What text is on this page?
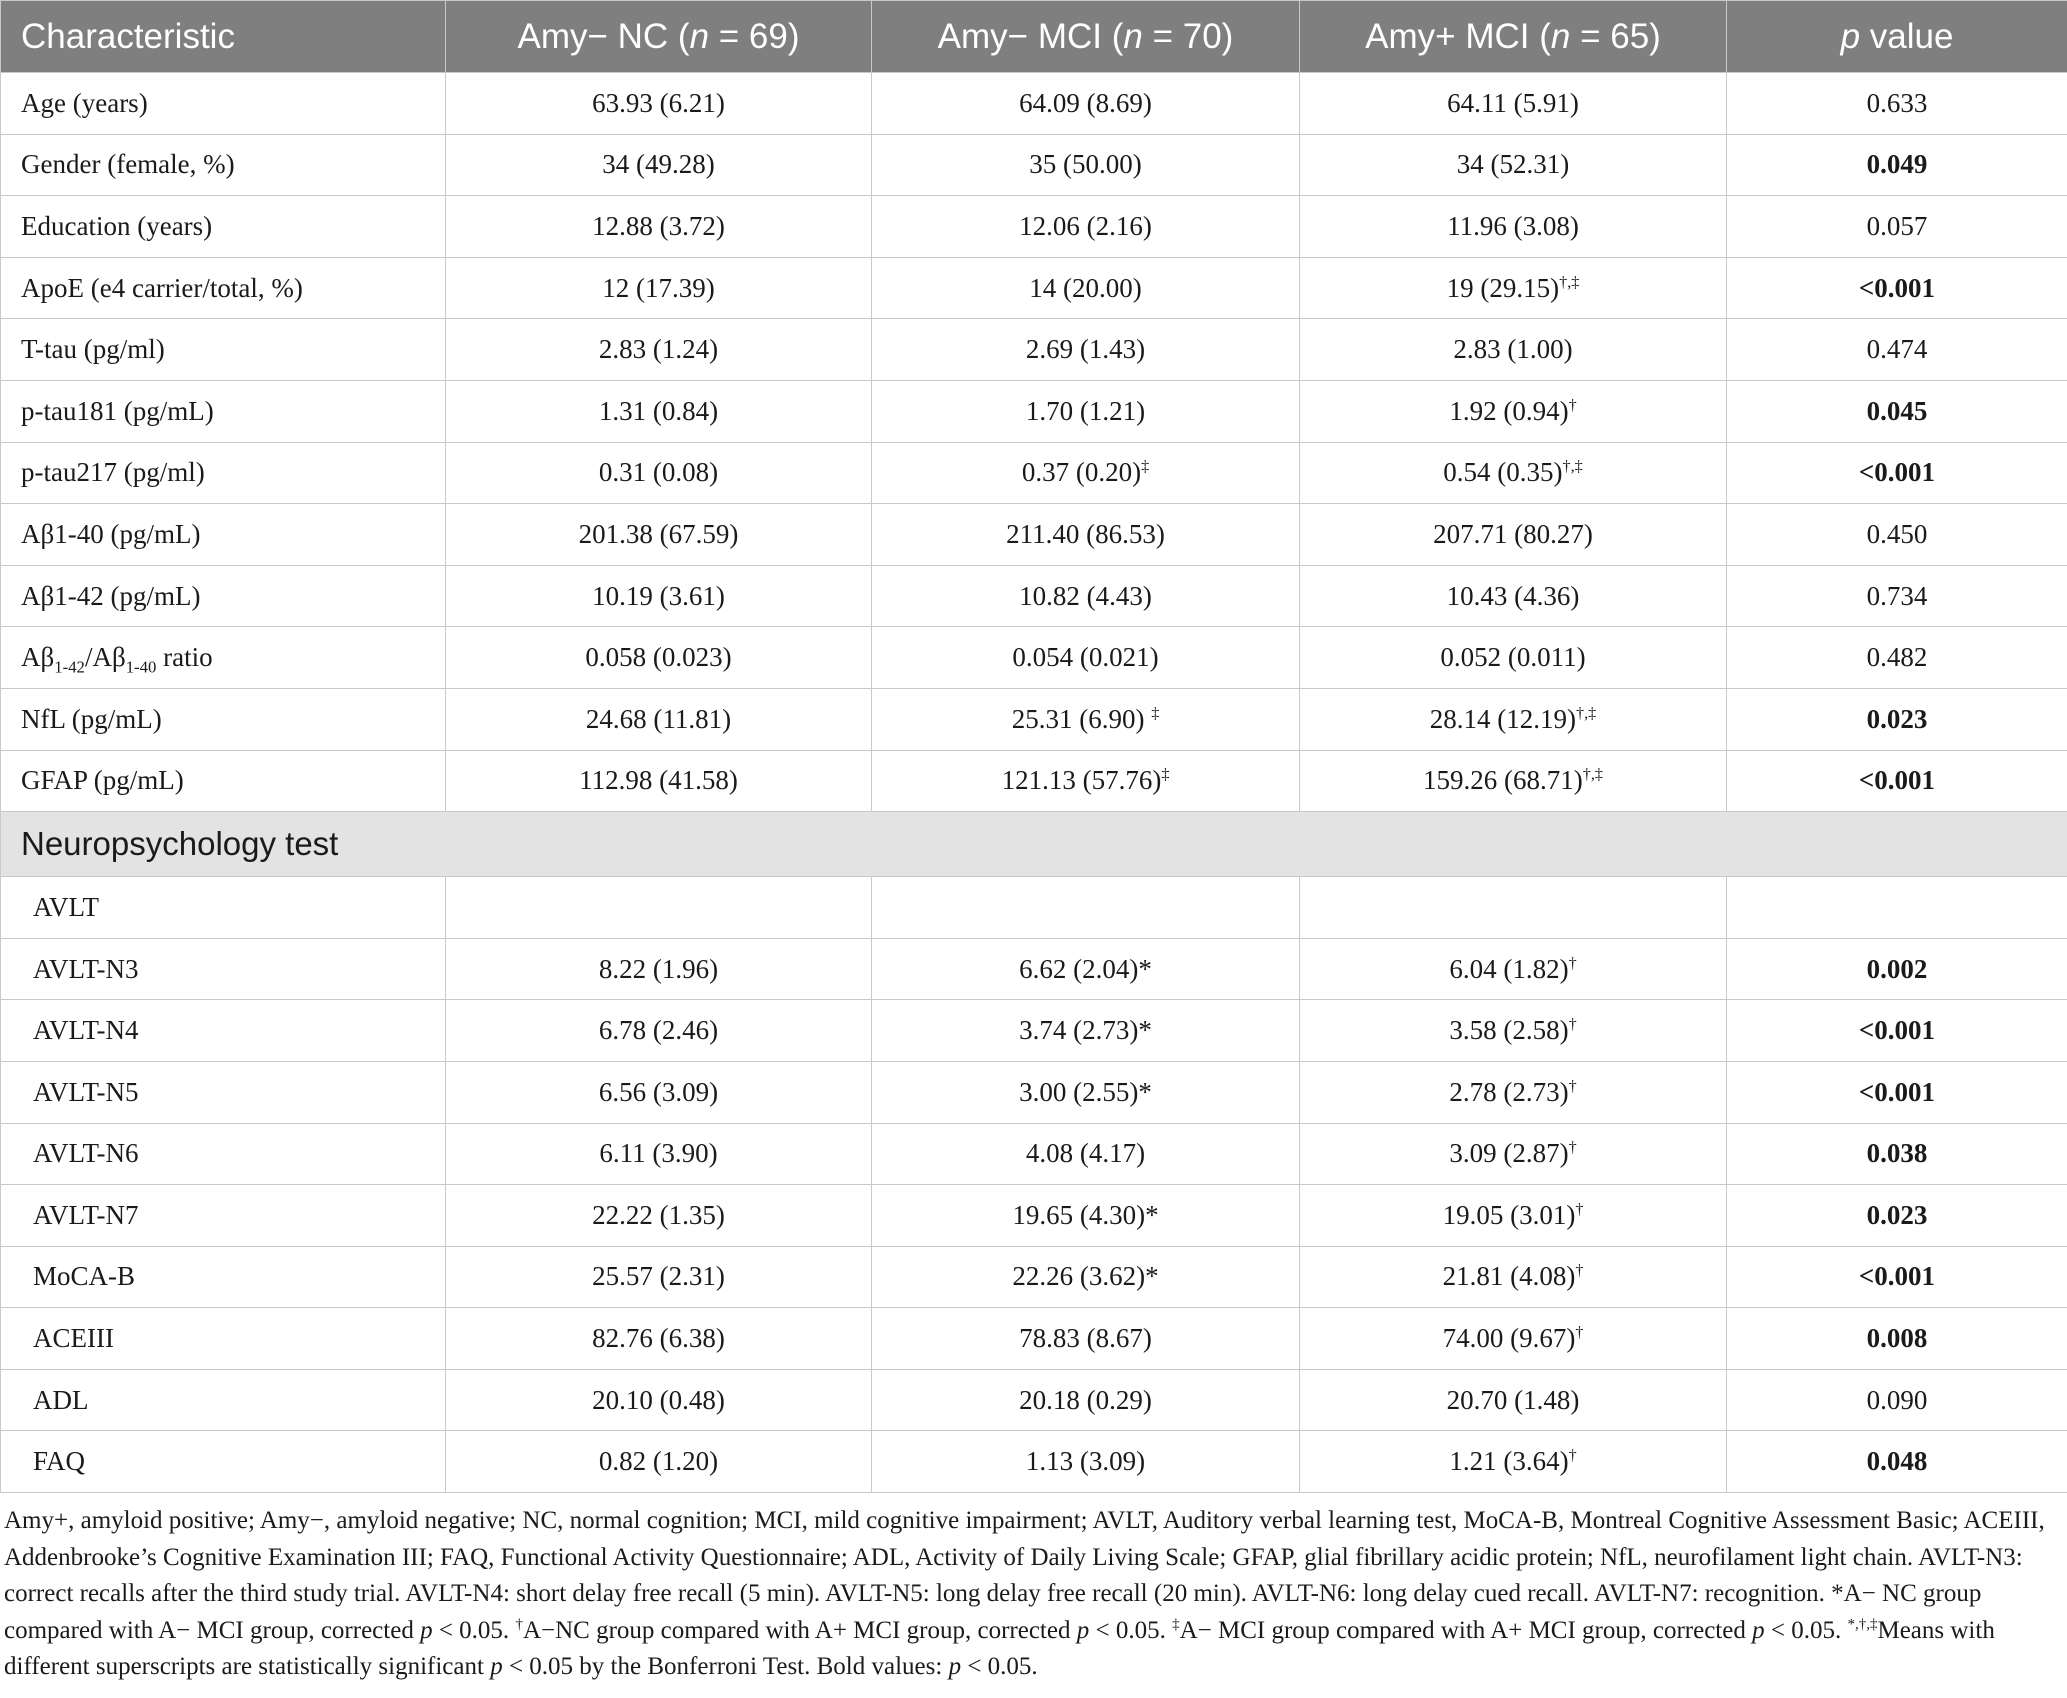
Characteristic	Amy− NC (n = 69)	Amy− MCI (n = 70)	Amy+ MCI (n = 65)	p value
Age (years)	63.93 (6.21)	64.09 (8.69)	64.11 (5.91)	0.633
Gender (female, %)	34 (49.28)	35 (50.00)	34 (52.31)	0.049
Education (years)	12.88 (3.72)	12.06 (2.16)	11.96 (3.08)	0.057
ApoE (e4 carrier/total, %)	12 (17.39)	14 (20.00)	19 (29.15)†,‡	<0.001
T-tau (pg/ml)	2.83 (1.24)	2.69 (1.43)	2.83 (1.00)	0.474
p-tau181 (pg/mL)	1.31 (0.84)	1.70 (1.21)	1.92 (0.94)†	0.045
p-tau217 (pg/ml)	0.31 (0.08)	0.37 (0.20)‡	0.54 (0.35)†,‡	<0.001
Aβ1-40 (pg/mL)	201.38 (67.59)	211.40 (86.53)	207.71 (80.27)	0.450
Aβ1-42 (pg/mL)	10.19 (3.61)	10.82 (4.43)	10.43 (4.36)	0.734
$A\beta_{1-42}/A\beta_{1-40}$ ratio	0.058 (0.023)	0.054 (0.021)	0.052 (0.011)	0.482
NfL (pg/mL)	24.68 (11.81)	25.31 (6.90) ‡	28.14 (12.19)†,‡	0.023
GFAP (pg/mL)	112.98 (41.58)	121.13 (57.76)‡	159.26 (68.71)†,‡	<0.001
Neuropsychology test				
AVLT				
AVLT-N3	8.22 (1.96)	6.62 (2.04)*	6.04 (1.82)†	0.002
AVLT-N4	6.78 (2.46)	3.74 (2.73)*	3.58 (2.58)†	<0.001
AVLT-N5	6.56 (3.09)	3.00 (2.55)*	2.78 (2.73)†	<0.001
AVLT-N6	6.11 (3.90)	4.08 (4.17)	3.09 (2.87)†	0.038
AVLT-N7	22.22 (1.35)	19.65 (4.30)*	19.05 (3.01)†	0.023
MoCA-B	25.57 (2.31)	22.26 (3.62)*	21.81 (4.08)†	<0.001
ACEIII	82.76 (6.38)	78.83 (8.67)	74.00 (9.67)†	0.008
ADL	20.10 (0.48)	20.18 (0.29)	20.70 (1.48)	0.090
FAQ	0.82 (1.20)	1.13 (3.09)	1.21 (3.64)†	0.048
Amy+, amyloid positive; Amy−, amyloid negative; NC, normal cognition; MCI, mild cognitive impairment; AVLT, Auditory verbal learning test, MoCA-B, Montreal Cognitive Assessment Basic; ACEIII, Addenbrooke’s Cognitive Examination III; FAQ, Functional Activity Questionnaire; ADL, Activity of Daily Living Scale; GFAP, glial fibrillary acidic protein; NfL, neurofilament light chain. AVLT-N3: correct recalls after the third study trial. AVLT-N4: short delay free recall (5 min). AVLT-N5: long delay free recall (20 min). AVLT-N6: long delay cued recall. AVLT-N7: recognition. *A− NC group compared with A− MCI group, corrected p < 0.05. †A−NC group compared with A+ MCI group, corrected p < 0.05. ‡A− MCI group compared with A+ MCI group, corrected p < 0.05. *,†,‡Means with different superscripts are statistically significant p < 0.05 by the Bonferroni Test. Bold values: p < 0.05.
